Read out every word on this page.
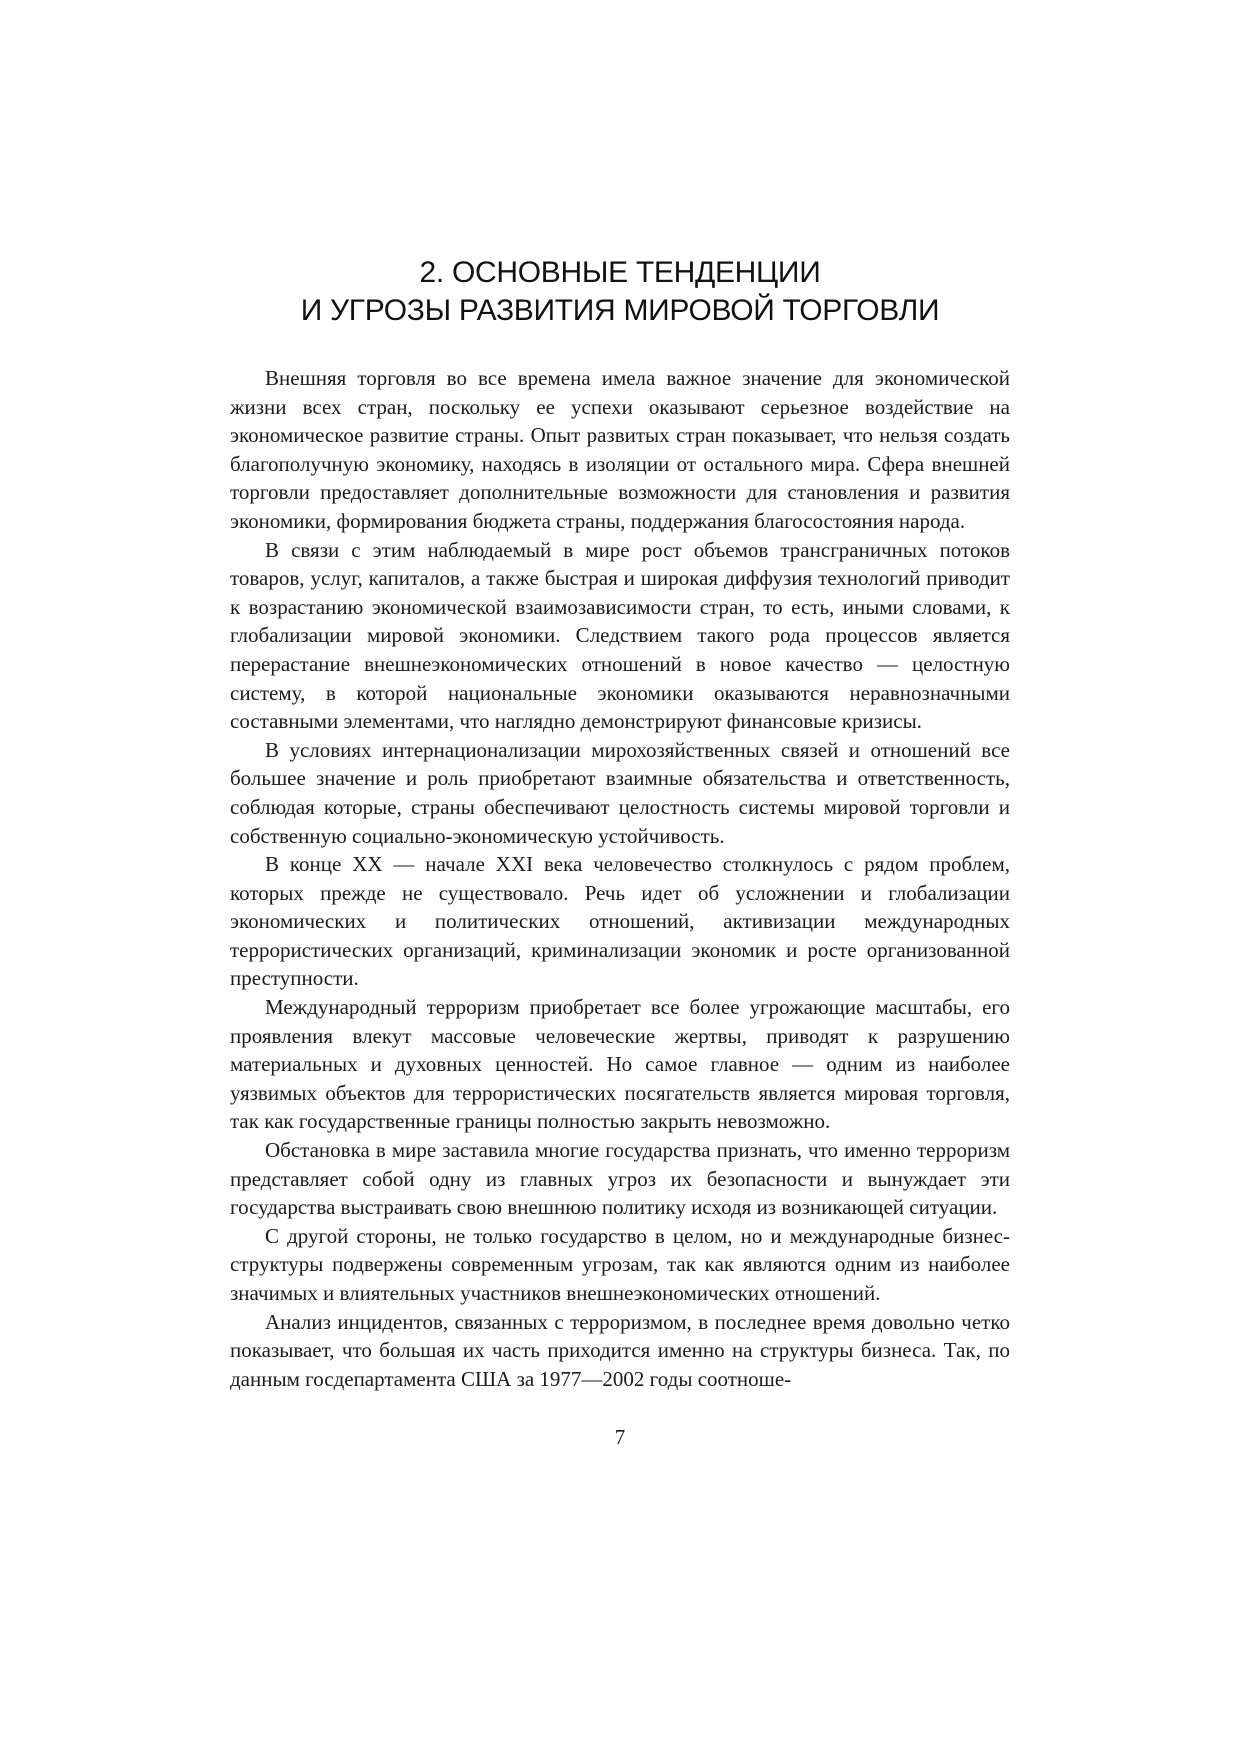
2. ОСНОВНЫЕ ТЕНДЕНЦИИ
И УГРОЗЫ РАЗВИТИЯ МИРОВОЙ ТОРГОВЛИ

Внешняя торговля во все времена имела важное значение для экономической жизни всех стран, поскольку ее успехи оказывают серьезное воздействие на экономическое развитие страны. Опыт развитых стран показывает, что нельзя создать благополучную экономику, находясь в изоляции от остального мира. Сфера внешней торговли предоставляет дополнительные возможности для становления и развития экономики, формирования бюджета страны, поддержания благосостояния народа.

В связи с этим наблюдаемый в мире рост объемов трансграничных потоков товаров, услуг, капиталов, а также быстрая и широкая диффузия технологий приводит к возрастанию экономической взаимозависимости стран, то есть, иными словами, к глобализации мировой экономики. Следствием такого рода процессов является перерастание внешнеэкономических отношений в новое качество — целостную систему, в которой национальные экономики оказываются неравнозначными составными элементами, что наглядно демонстрируют финансовые кризисы.

В условиях интернационализации мирохозяйственных связей и отношений все большее значение и роль приобретают взаимные обязательства и ответственность, соблюдая которые, страны обеспечивают целостность системы мировой торговли и собственную социально-экономическую устойчивость.

В конце XX — начале XXI века человечество столкнулось с рядом проблем, которых прежде не существовало. Речь идет об усложнении и глобализации экономических и политических отношений, активизации международных террористических организаций, криминализации экономик и росте организованной преступности.

Международный терроризм приобретает все более угрожающие масштабы, его проявления влекут массовые человеческие жертвы, приводят к разрушению материальных и духовных ценностей. Но самое главное — одним из наиболее уязвимых объектов для террористических посягательств является мировая торговля, так как государственные границы полностью закрыть невозможно.

Обстановка в мире заставила многие государства признать, что именно терроризм представляет собой одну из главных угроз их безопасности и вынуждает эти государства выстраивать свою внешнюю политику исходя из возникающей ситуации.

С другой стороны, не только государство в целом, но и международные бизнес-структуры подвержены современным угрозам, так как являются одним из наиболее значимых и влиятельных участников внешнеэкономических отношений.

Анализ инцидентов, связанных с терроризмом, в последнее время довольно четко показывает, что большая их часть приходится именно на структуры бизнеса. Так, по данным госдепартамента США за 1977—2002 годы соотноше-

7
